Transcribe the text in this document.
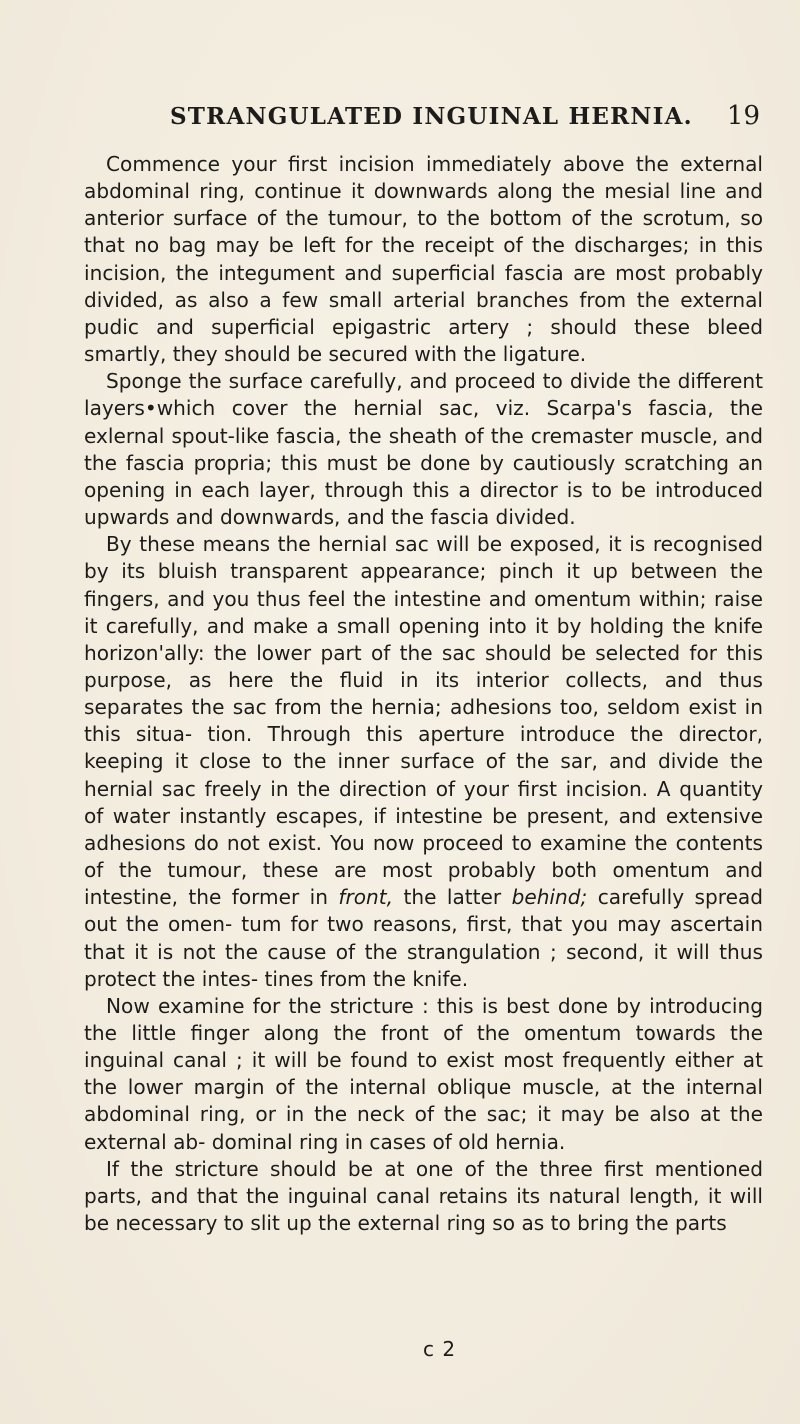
STRANGULATED INGUINAL HERNIA. 19

Commence your first incision immediately above the external abdominal ring, continue it downwards along the mesial line and anterior surface of the tumour, to the bottom of the scrotum, so that no bag may be left for the receipt of the discharges; in this incision, the integument and superficial fascia are most probably divided, as also a few small arterial branches from the external pudic and superficial epigastric artery ; should these bleed smartly, they should be secured with the ligature.

Sponge the surface carefully, and proceed to divide the different layers•which cover the hernial sac, viz. Scarpa's fascia, the exlernal spout-like fascia, the sheath of the cremaster muscle, and the fascia propria; this must be done by cautiously scratching an opening in each layer, through this a director is to be introduced upwards and downwards, and the fascia divided.

By these means the hernial sac will be exposed, it is recognised by its bluish transparent appearance; pinch it up between the fingers, and you thus feel the intestine and omentum within; raise it carefully, and make a small opening into it by holding the knife horizon'ally: the lower part of the sac should be selected for this purpose, as here the fluid in its interior collects, and thus separates the sac from the hernia; adhesions too, seldom exist in this situa- tion. Through this aperture introduce the director, keeping it close to the inner surface of the sar, and divide the hernial sac freely in the direction of your first incision. A quantity of water instantly escapes, if intestine be present, and extensive adhesions do not exist. You now proceed to examine the contents of the tumour, these are most probably both omentum and intestine, the former in front, the latter behind; carefully spread out the omen- tum for two reasons, first, that you may ascertain that it is not the cause of the strangulation ; second, it will thus protect the intes- tines from the knife.

Now examine for the stricture : this is best done by introducing the little finger along the front of the omentum towards the inguinal canal ; it will be found to exist most frequently either at the lower margin of the internal oblique muscle, at the internal abdominal ring, or in the neck of the sac; it may be also at the external ab- dominal ring in cases of old hernia.

If the stricture should be at one of the three first mentioned parts, and that the inguinal canal retains its natural length, it will be necessary to slit up the external ring so as to bring the parts

c 2
